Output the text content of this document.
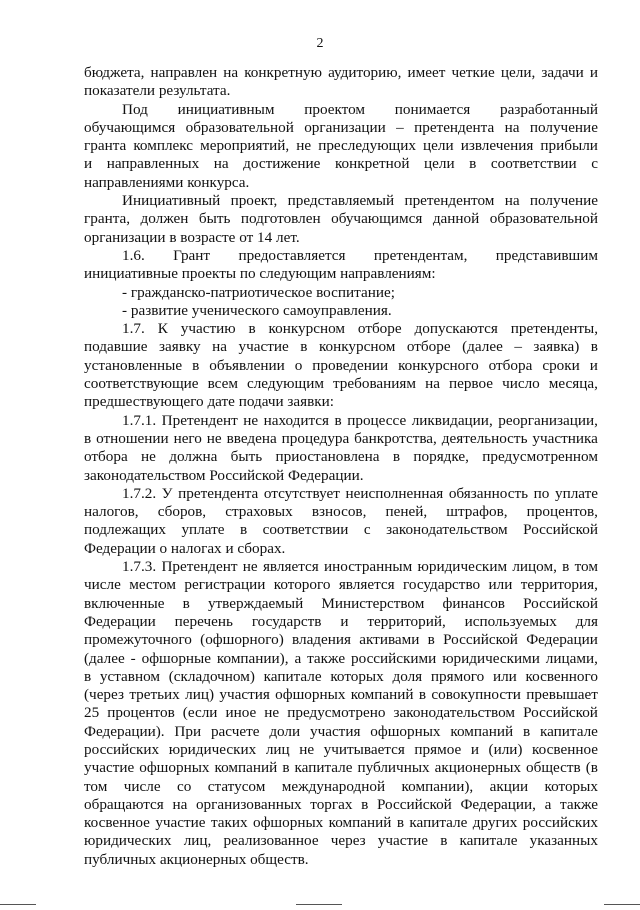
2
бюджета, направлен на конкретную аудиторию, имеет четкие цели, задачи и
показатели результата.
Под инициативным проектом понимается разработанный
обучающимся образовательной организации – претендента на получение
гранта комплекс мероприятий, не преследующих цели извлечения прибыли
и направленных на достижение конкретной цели в соответствии с
направлениями конкурса.
Инициативный проект, представляемый претендентом на получение
гранта, должен быть подготовлен обучающимся данной образовательной
организации в возрасте от 14 лет.
1.6. Грант предоставляется претендентам, представившим
инициативные проекты по следующим направлениям:
- гражданско-патриотическое воспитание;
- развитие ученического самоуправления.
1.7. К участию в конкурсном отборе допускаются претенденты,
подавшие заявку на участие в конкурсном отборе (далее – заявка) в
установленные в объявлении о проведении конкурсного отбора сроки и
соответствующие всем следующим требованиям на первое число месяца,
предшествующего дате подачи заявки:
1.7.1. Претендент не находится в процессе ликвидации, реорганизации,
в отношении него не введена процедура банкротства, деятельность участника
отбора не должна быть приостановлена в порядке, предусмотренном
законодательством Российской Федерации.
1.7.2. У претендента отсутствует неисполненная обязанность по уплате
налогов, сборов, страховых взносов, пеней, штрафов, процентов,
подлежащих уплате в соответствии с законодательством Российской
Федерации о налогах и сборах.
1.7.3. Претендент не является иностранным юридическим лицом, в том
числе местом регистрации которого является государство или территория,
включенные в утверждаемый Министерством финансов Российской
Федерации перечень государств и территорий, используемых для
промежуточного (офшорного) владения активами в Российской Федерации
(далее - офшорные компании), а также российскими юридическими лицами,
в уставном (складочном) капитале которых доля прямого или косвенного
(через третьих лиц) участия офшорных компаний в совокупности превышает
25 процентов (если иное не предусмотрено законодательством Российской
Федерации). При расчете доли участия офшорных компаний в капитале
российских юридических лиц не учитывается прямое и (или) косвенное
участие офшорных компаний в капитале публичных акционерных обществ (в
том числе со статусом международной компании), акции которых
обращаются на организованных торгах в Российской Федерации, а также
косвенное участие таких офшорных компаний в капитале других российских
юридических лиц, реализованное через участие в капитале указанных
публичных акционерных обществ.
